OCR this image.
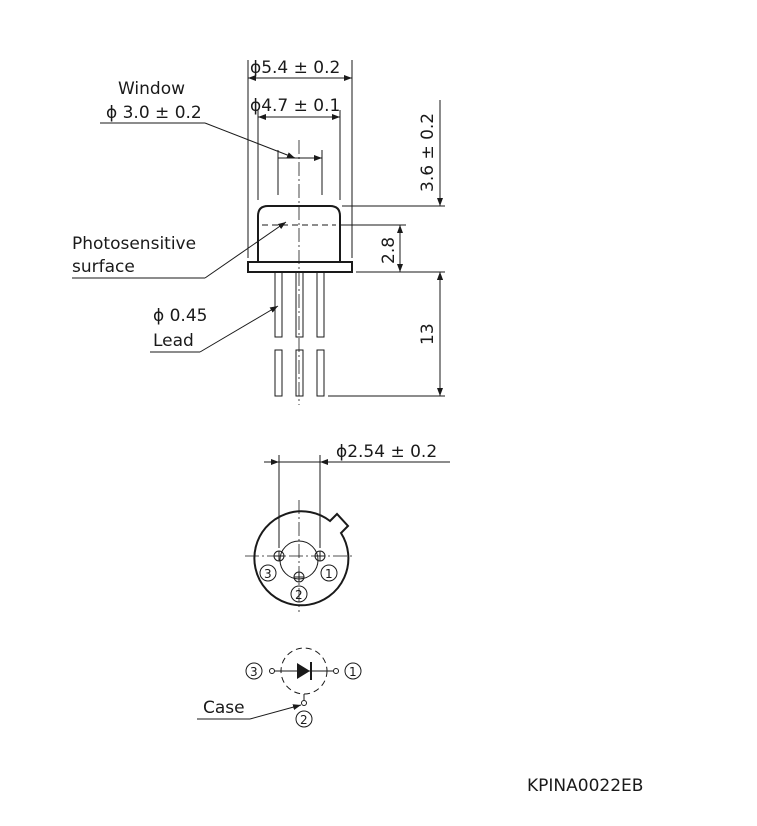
ϕ5.4 ± 0.2
ϕ4.7 ± 0.1
Window
ϕ 3.0 ± 0.2
Photosensitive
surface
ϕ 0.45
Lead
3.6 ± 0.2
2.8
13
3	1
2
ϕ2.54 ± 0.2
3	1
2
Case
KPINA0022EB
